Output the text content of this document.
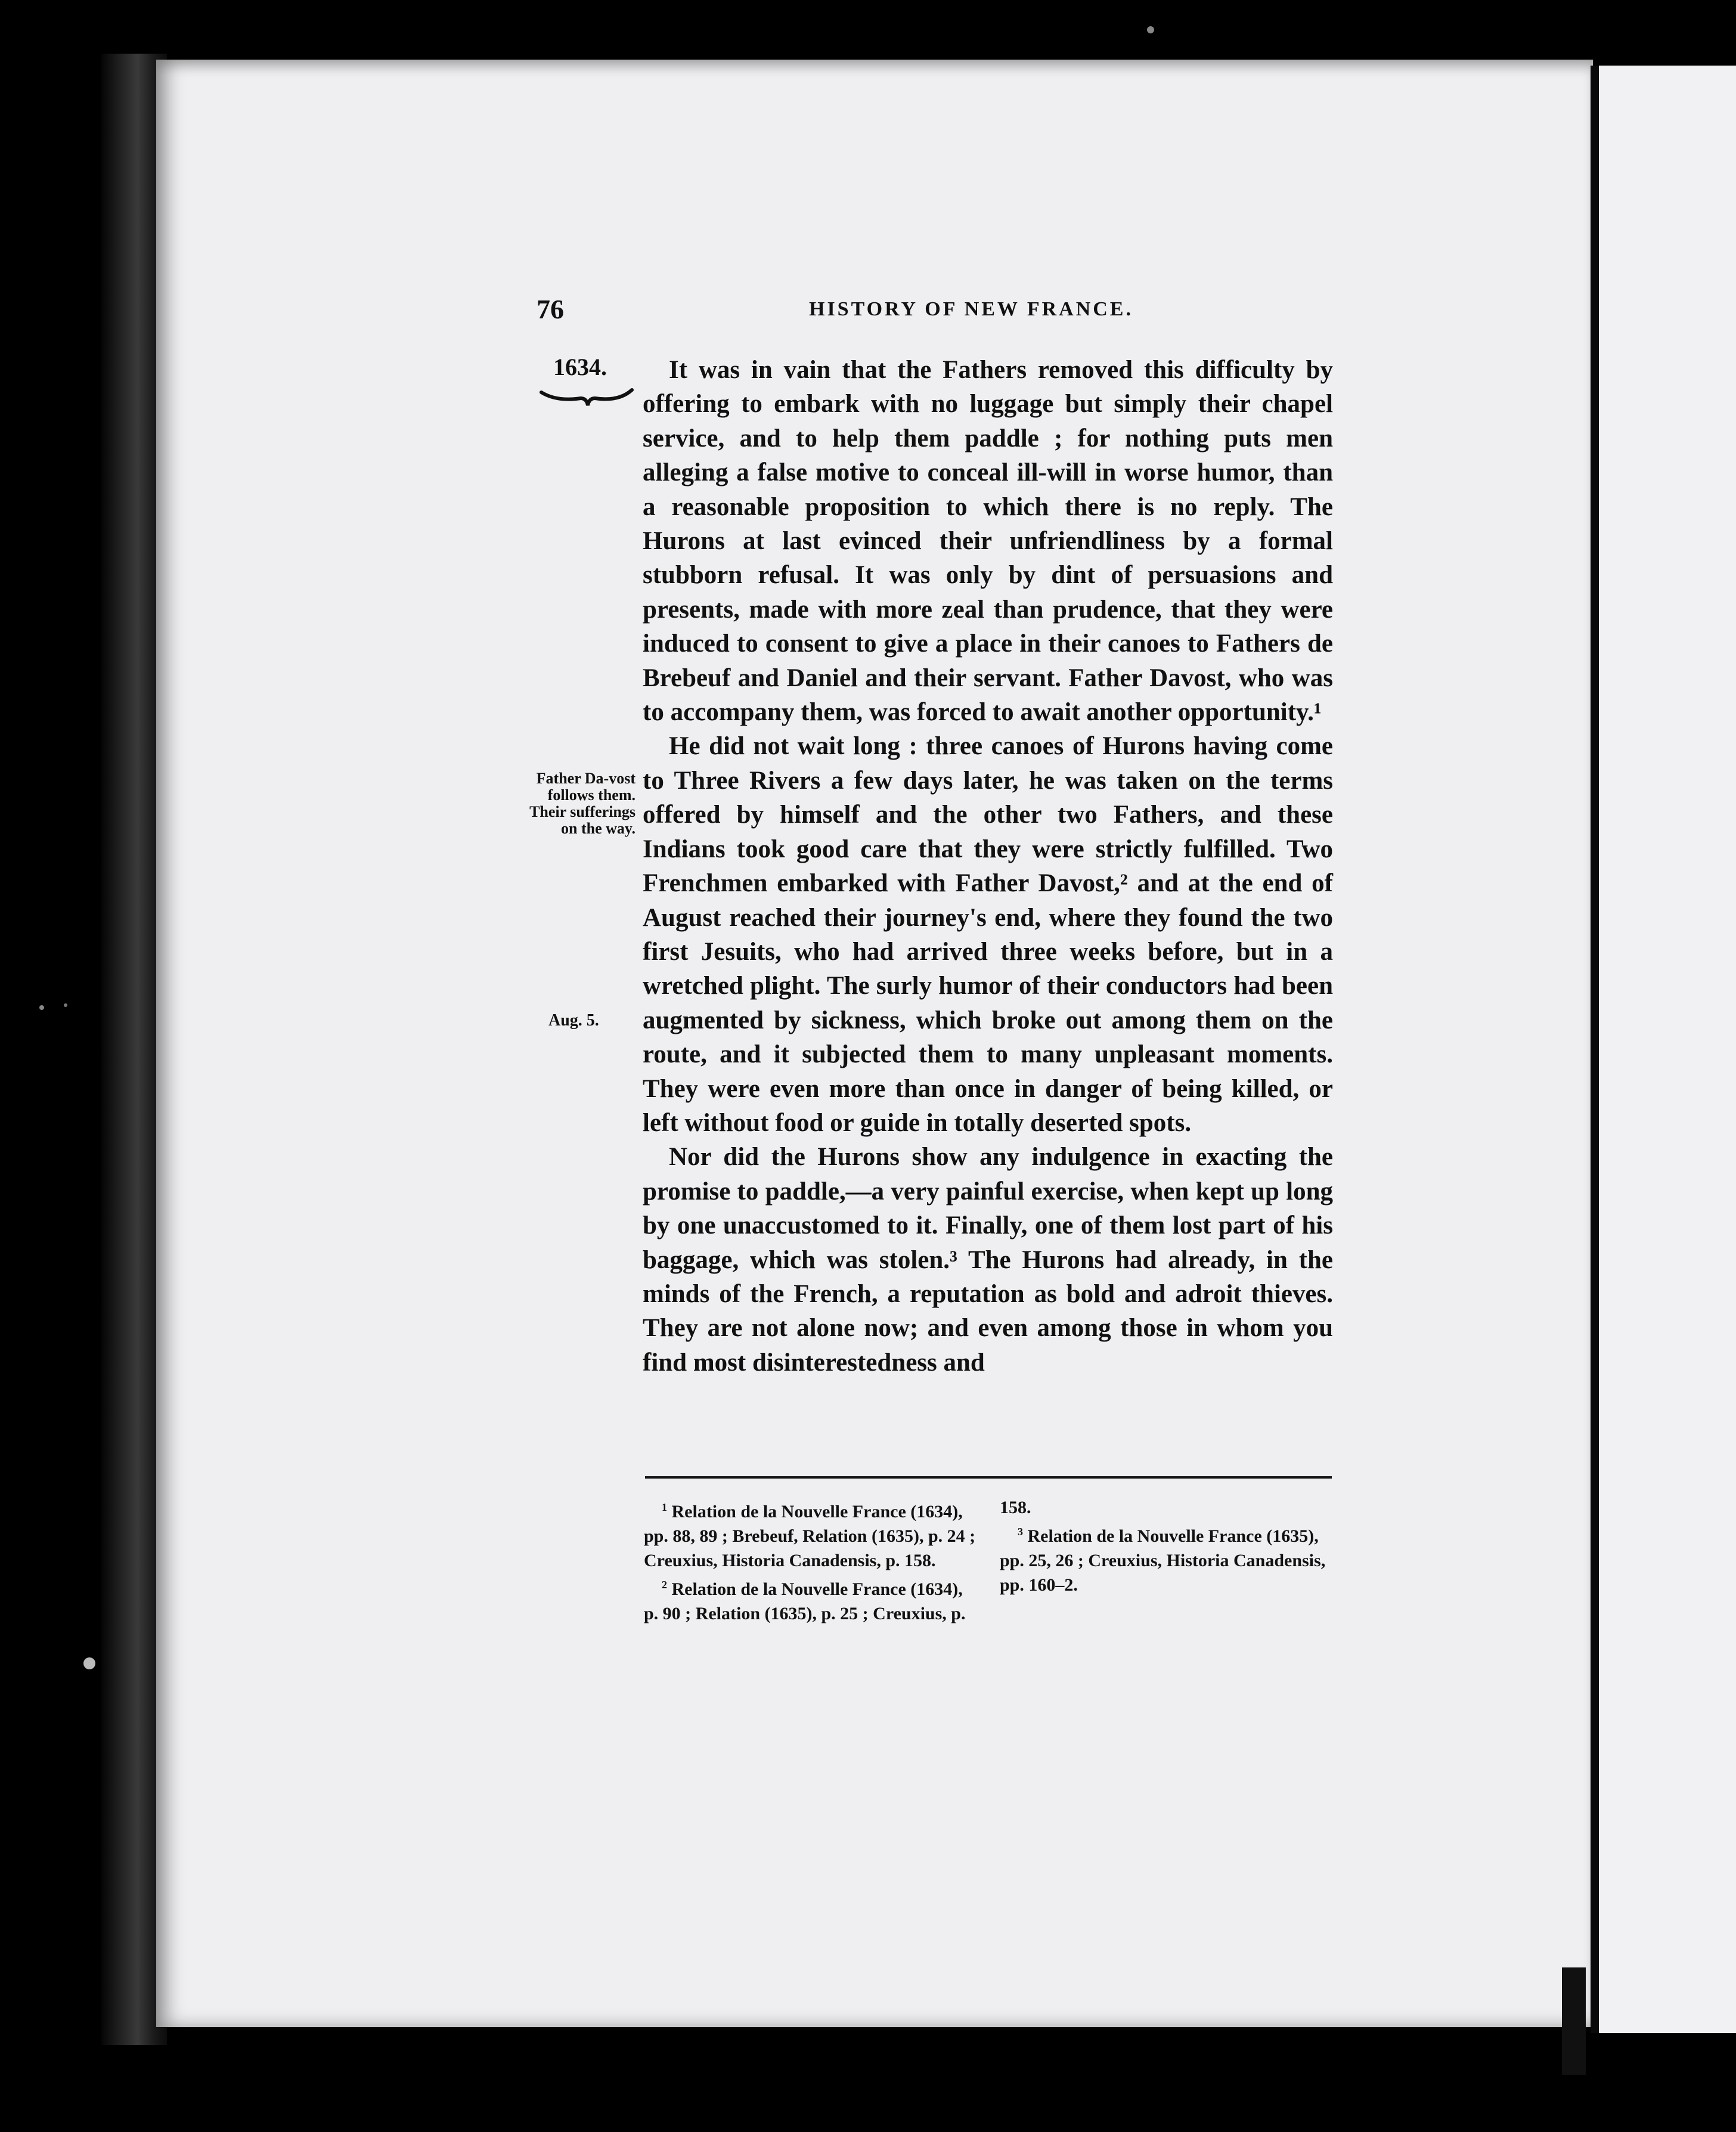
76	HISTORY OF NEW FRANCE.
1634.
Father Da-vost follows them. Their sufferings on the way.
Aug. 5.

It was in vain that the Fathers removed this difficulty by offering to embark with no luggage but simply their chapel service, and to help them paddle ; for nothing puts men alleging a false motive to conceal ill-will in worse humor, than a reasonable proposition to which there is no reply. The Hurons at last evinced their unfriendliness by a formal stubborn refusal. It was only by dint of persuasions and presents, made with more zeal than prudence, that they were induced to consent to give a place in their canoes to Fathers de Brebeuf and Daniel and their servant. Father Davost, who was to accompany them, was forced to await another opportunity.¹

He did not wait long : three canoes of Hurons having come to Three Rivers a few days later, he was taken on the terms offered by himself and the other two Fathers, and these Indians took good care that they were strictly fulfilled. Two Frenchmen embarked with Father Davost,² and at the end of August reached their journey's end, where they found the two first Jesuits, who had arrived three weeks before, but in a wretched plight. The surly humor of their conductors had been augmented by sickness, which broke out among them on the route, and it subjected them to many unpleasant moments. They were even more than once in danger of being killed, or left without food or guide in totally deserted spots.

Nor did the Hurons show any indulgence in exacting the promise to paddle,—a very painful exercise, when kept up long by one unaccustomed to it. Finally, one of them lost part of his baggage, which was stolen.³ The Hurons had already, in the minds of the French, a reputation as bold and adroit thieves. They are not alone now; and even among those in whom you find most disinterestedness and

$^1$ Relation de la Nouvelle France (1634), pp. 88, 89 ; Brebeuf, Relation (1635), p. 24 ; Creuxius, Historia Canadensis, p. 158.

$^2$ Relation de la Nouvelle France (1634), p. 90 ; Relation (1635), p. 25 ; Creuxius, p. 158.

$^3$ Relation de la Nouvelle France (1635), pp. 25, 26 ; Creuxius, Historia Canadensis, pp. 160–2.
